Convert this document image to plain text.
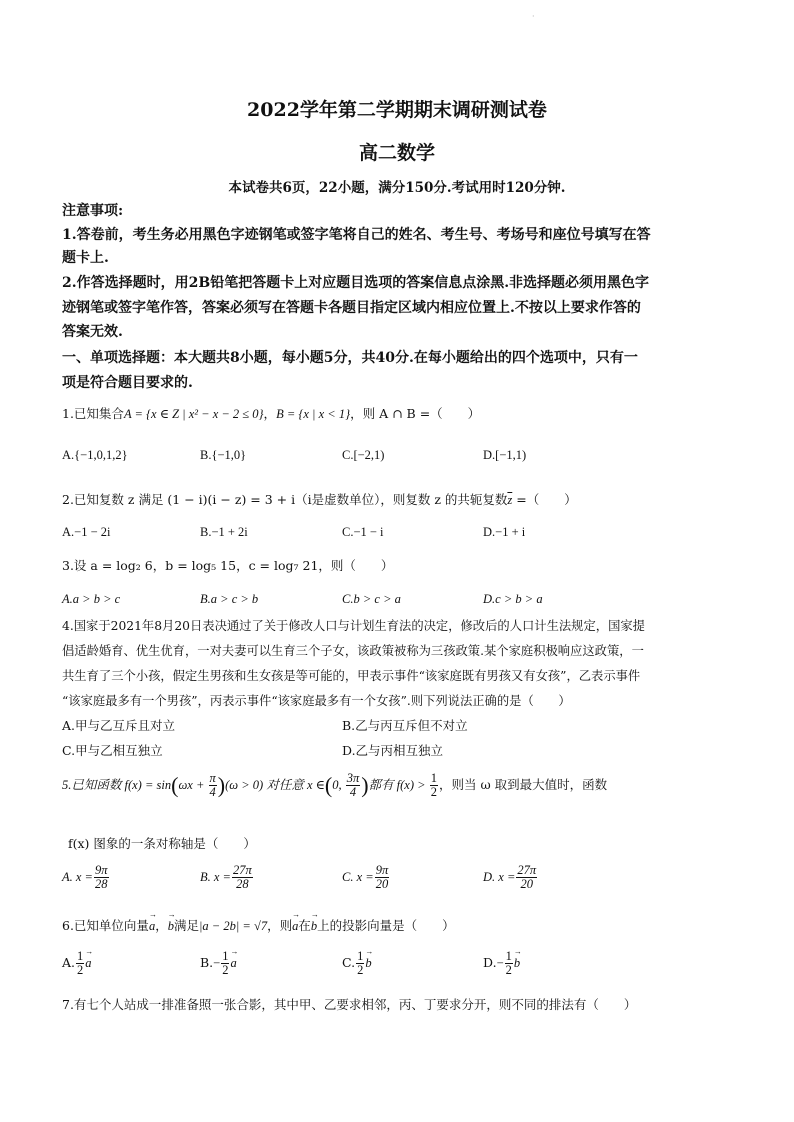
·
2022学年第二学期期末调研测试卷
高二数学
本试卷共6页，22小题，满分150分.考试用时120分钟.
注意事项:
1.答卷前，考生务必用黑色字迹钢笔或签字笔将自己的姓名、考生号、考场号和座位号填写在答
题卡上.
2.作答选择题时，用2B铅笔把答题卡上对应题目选项的答案信息点涂黑.非选择题必须用黑色字
迹钢笔或签字笔作答，答案必须写在答题卡各题目指定区域内相应位置上.不按以上要求作答的
答案无效.
一、单项选择题：本大题共8小题，每小题5分，共40分.在每小题给出的四个选项中，只有一
项是符合题目要求的.
1.已知集合A = {x ∈ Z | x² − x − 2 ≤ 0}，B = {x | x < 1}，则 A ∩ B =（　　）
A.{−1,0,1,2}	B.{−1,0}	C.[−2,1)	D.[−1,1)
2.已知复数 z 满足 (1 − i)(i − z) = 3 + i（i是虚数单位），则复数 z 的共轭复数$\overline{z}$ =（　　）
A.−1 − 2i	B.−1 + 2i	C.−1 − i	D.−1 + i
3.设 a = log₂ 6，b = log₅ 15，c = log₇ 21，则（　　）
A.a > b > c	B.a > c > b	C.b > c > a	D.c > b > a
4.国家于2021年8月20日表决通过了关于修改人口与计划生育法的决定，修改后的人口计生法规定，国家提
倡适龄婚育、优生优育，一对夫妻可以生育三个子女，该政策被称为三孩政策.某个家庭积极响应这政策，一
共生育了三个小孩，假定生男孩和生女孩是等可能的，甲表示事件“该家庭既有男孩又有女孩”，乙表示事件
“该家庭最多有一个男孩”，丙表示事件“该家庭最多有一个女孩”.则下列说法正确的是（　　）
A.甲与乙互斥且对立	B.乙与丙互斥但不对立
C.甲与乙相互独立	D.乙与丙相互独立
5.已知函数 $f(x) = \sin(\omega x + \frac{\pi}{4} )(\omega > 0)$ 对任意 x ∈(0, $\frac{3\pi}{4}$ )都有 $f(x) > \frac{1}{2}$ ，则当 ω 取到最大值时，函数
f(x) 图象的一条对称轴是（　　）
A. $x = \frac{9\pi}{28}$	B. $x = \frac{27\pi}{28}$	C. $x = \frac{9\pi}{20}$	D. $x = \frac{27\pi}{20}$
6.已知单位向量→ a，→ b满足|a − 2b| = √7，则→ a在→ b上的投影向量是（　　）
A. $\frac{1}{2} \to a$	$B.- \frac{1}{2} \to a$	C. $\frac{1}{2} \to b$	$D.- \frac{1}{2} \to b$
7.有七个人站成一排准备照一张合影，其中甲、乙要求相邻，丙、丁要求分开，则不同的排法有（　　）
